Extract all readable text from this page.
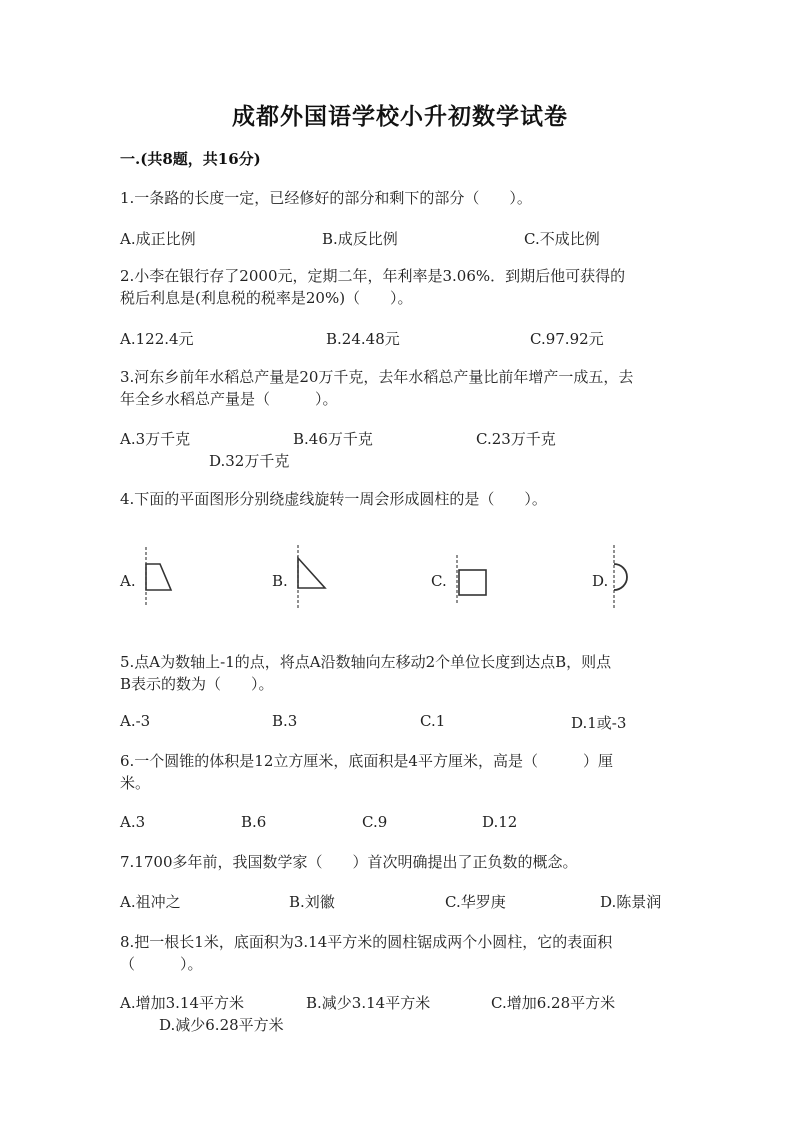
成都外国语学校小升初数学试卷
一.(共8题，共16分)
1.一条路的长度一定，已经修好的部分和剩下的部分（　　）。
A.成正比例	B.成反比例	C.不成比例
2.小李在银行存了2000元，定期二年，年利率是3.06%．到期后他可获得的
税后利息是(利息税的税率是20%)（　　）。
A.122.4元	B.24.48元	C.97.92元
3.河东乡前年水稻总产量是20万千克，去年水稻总产量比前年增产一成五，去
年全乡水稻总产量是（　　　）。
A.3万千克	B.46万千克	C.23万千克
D.32万千克
4.下面的平面图形分别绕虚线旋转一周会形成圆柱的是（　　）。
A.	B.	C.	D.
5.点A为数轴上-1的点，将点A沿数轴向左移动2个单位长度到达点B，则点
B表示的数为（　　）。
A.-3	B.3	C.1	D.1或-3
6.一个圆锥的体积是12立方厘米，底面积是4平方厘米，高是（　　　）厘
米。
A.3	B.6	C.9	D.12
7.1700多年前，我国数学家（　　）首次明确提出了正负数的概念。
A.祖冲之	B.刘徽	C.华罗庚	D.陈景润
8.把一根长1米，底面积为3.14平方米的圆柱锯成两个小圆柱，它的表面积
（　　　）。
A.增加3.14平方米	B.减少3.14平方米	C.增加6.28平方米
D.减少6.28平方米
